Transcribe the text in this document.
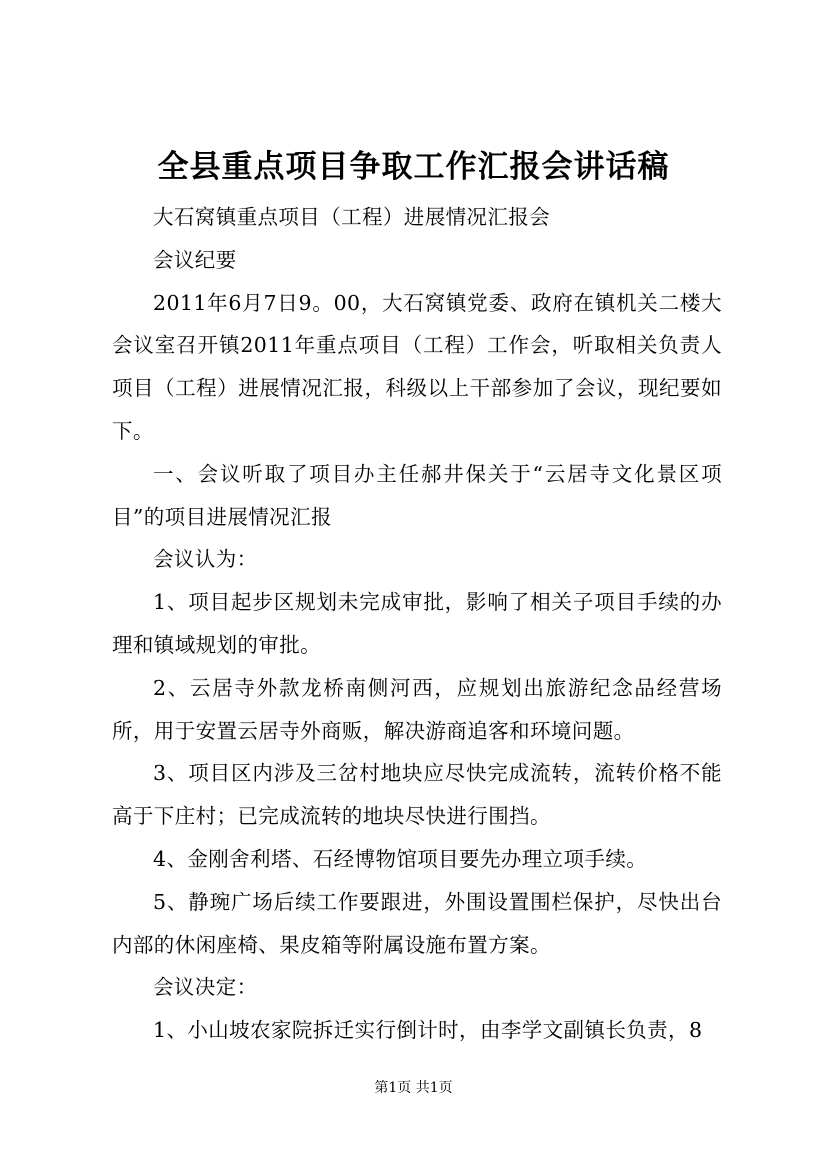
全县重点项目争取工作汇报会讲话稿

大石窝镇重点项目（工程）进展情况汇报会

会议纪要

2011年6月7日9。00，大石窝镇党委、政府在镇机关二楼大会议室召开镇2011年重点项目（工程）工作会，听取相关负责人项目（工程）进展情况汇报，科级以上干部参加了会议，现纪要如下。

一、会议听取了项目办主任郝井保关于“云居寺文化景区项目”的项目进展情况汇报

会议认为：

1、项目起步区规划未完成审批，影响了相关子项目手续的办理和镇域规划的审批。

2、云居寺外款龙桥南侧河西，应规划出旅游纪念品经营场所，用于安置云居寺外商贩，解决游商追客和环境问题。

3、项目区内涉及三岔村地块应尽快完成流转，流转价格不能高于下庄村；已完成流转的地块尽快进行围挡。

4、金刚舍利塔、石经博物馆项目要先办理立项手续。

5、静琬广场后续工作要跟进，外围设置围栏保护，尽快出台内部的休闲座椅、果皮箱等附属设施布置方案。

会议决定：

1、小山坡农家院拆迁实行倒计时，由李学文副镇长负责，8

第1页 共1页
